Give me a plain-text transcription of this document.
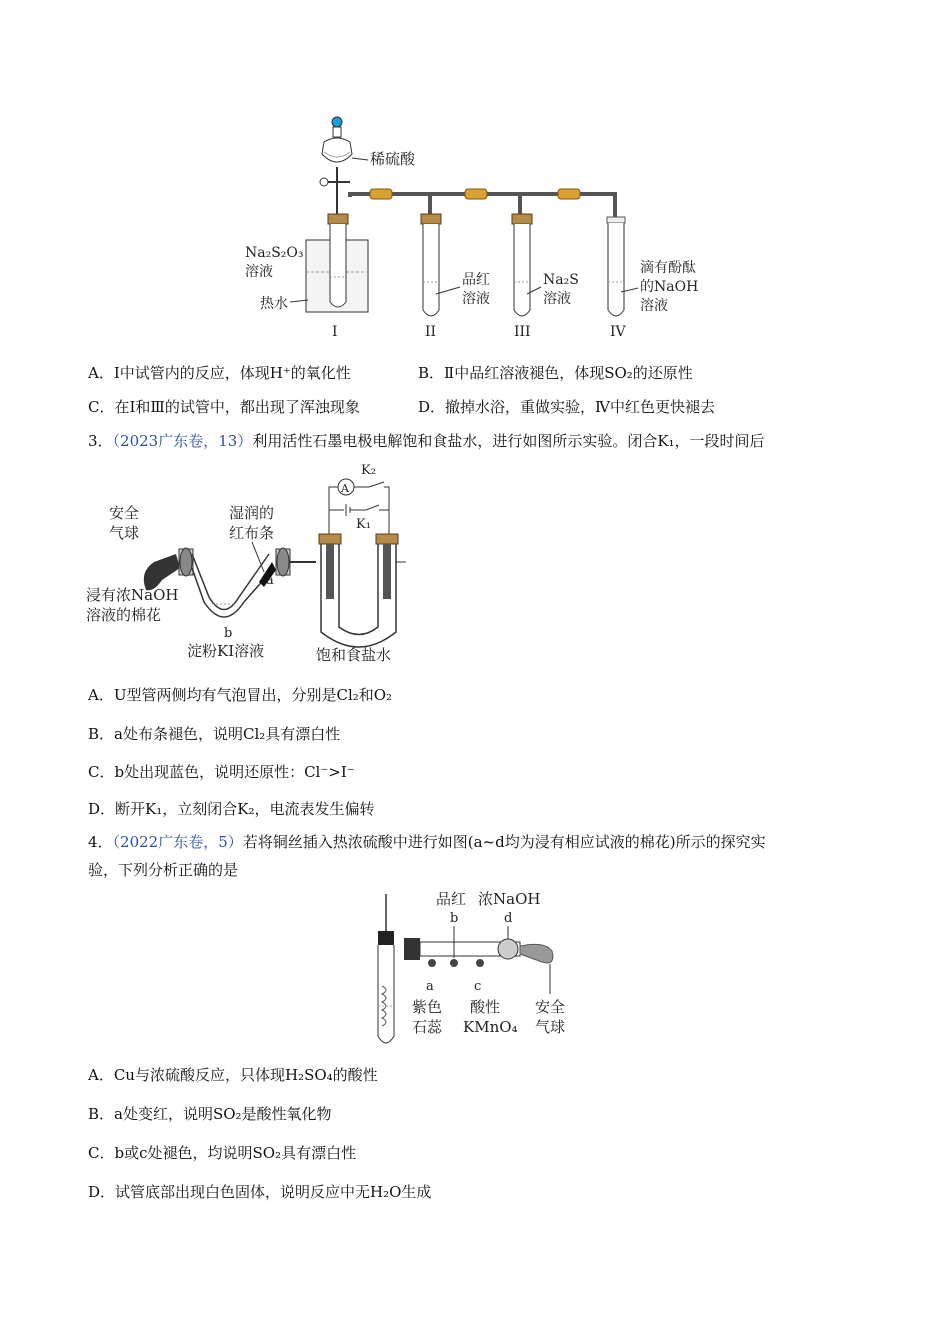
稀硫酸
Na₂S₂O₃
溶液
热水
I
品红
溶液
II
Na₂S
溶液
III
滴有酚酞
的NaOH
溶液
IV
A．Ⅰ中试管内的反应，体现H⁺的氧化性	B．Ⅱ中品红溶液褪色，体现SO₂的还原性
C．在Ⅰ和Ⅲ的试管中，都出现了浑浊现象	D．撤掉水浴，重做实验，Ⅳ中红色更快褪去
3．（2023广东卷，13）利用活性石墨电极电解饱和食盐水，进行如图所示实验。闭合K₁，一段时间后
安全
气球
湿润的
红布条
a
浸有浓NaOH
溶液的棉花
b
淀粉KI溶液
A
K₂
K₁
饱和食盐水
A．U型管两侧均有气泡冒出，分别是Cl₂和O₂
B．a处布条褪色，说明Cl₂具有漂白性
C．b处出现蓝色，说明还原性：Cl⁻>I⁻
D．断开K₁，立刻闭合K₂，电流表发生偏转
4．（2022广东卷，5）若将铜丝插入热浓硫酸中进行如图(a~d均为浸有相应试液的棉花)所示的探究实
验，下列分析正确的是
品红 浓NaOH
b	d
a	c
紫色
石蕊
酸性
KMnO₄
安全
气球
A．Cu与浓硫酸反应，只体现H₂SO₄的酸性
B．a处变红，说明SO₂是酸性氧化物
C．b或c处褪色，均说明SO₂具有漂白性
D．试管底部出现白色固体，说明反应中无H₂O生成
